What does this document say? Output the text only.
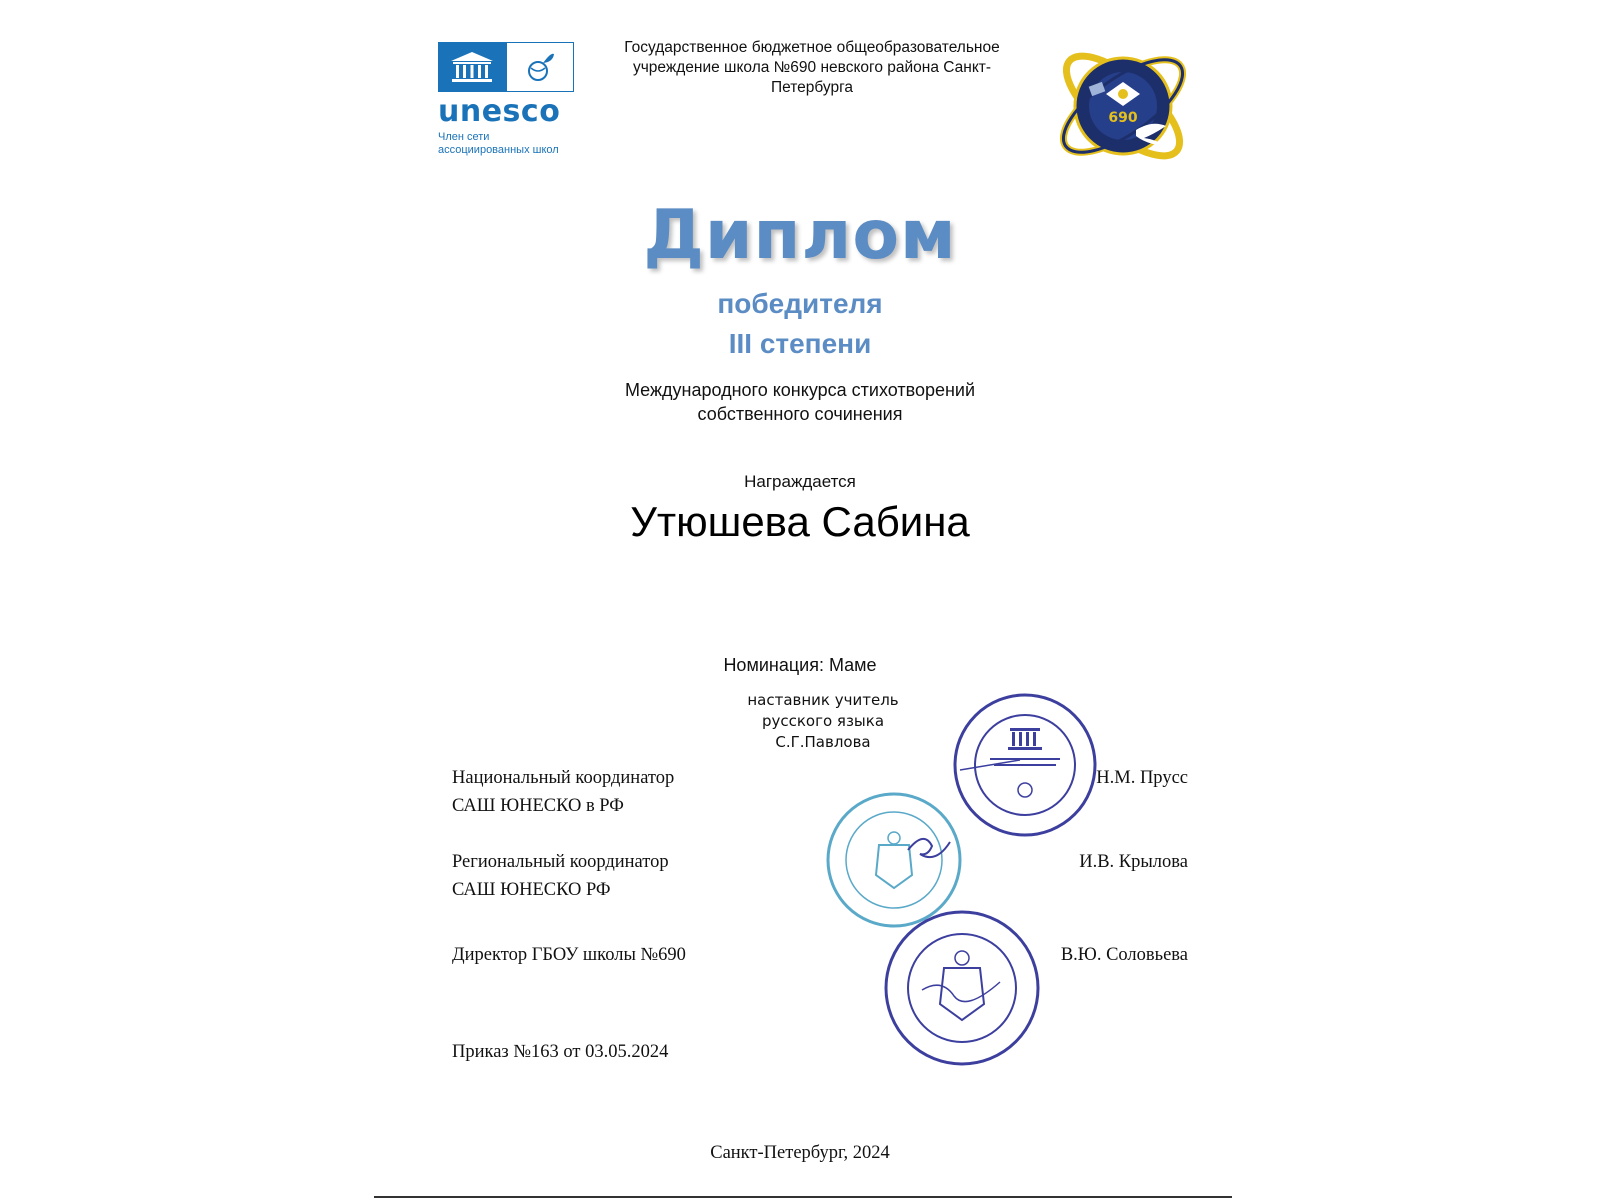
unesco
Член сети
ассоциированных школ
Государственное бюджетное общеобразовательное
учреждение школа №690 невского района Санкт-
Петербурга
690
Диплом
победителя
III степени
Международного конкурса стихотворений
собственного сочинения
Награждается
Утюшева Сабина
Номинация: Маме
наставник учитель
русского языка
С.Г.Павлова
Национальный координатор
САШ ЮНЕСКО в РФ
Н.М. Прусс
Региональный координатор
САШ ЮНЕСКО РФ
И.В. Крылова
Директор ГБОУ школы №690	В.Ю. Соловьева
Приказ №163 от 03.05.2024
Санкт-Петербург, 2024
